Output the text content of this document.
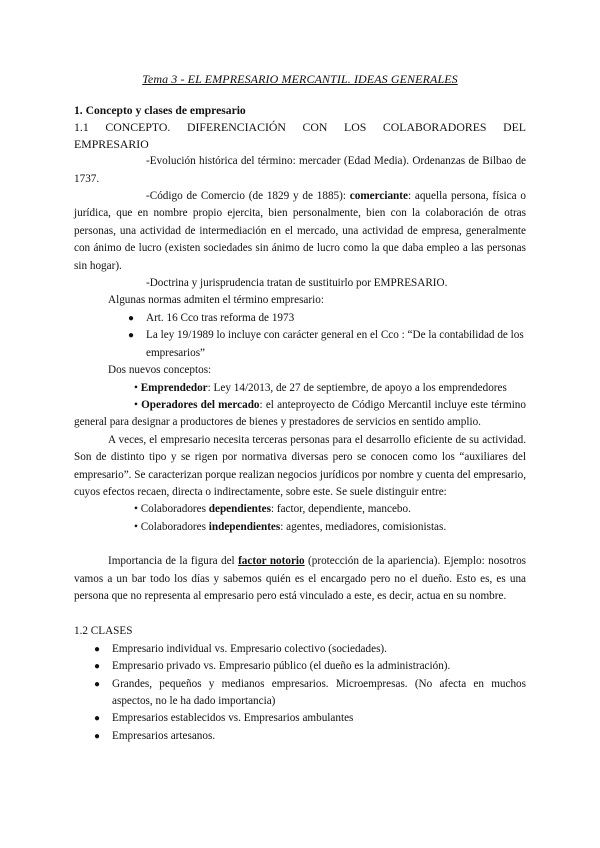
Tema 3 - EL EMPRESARIO MERCANTIL. IDEAS GENERALES

1. Concepto y clases de empresario

1.1 CONCEPTO. DIFERENCIACIÓN CON LOS COLABORADORES DEL

EMPRESARIO

-Evolución histórica del término: mercader (Edad Media). Ordenanzas de Bilbao de 1737.

-Código de Comercio (de 1829 y de 1885): comerciante: aquella persona, física o jurídica, que en nombre propio ejercita, bien personalmente, bien con la colaboración de otras personas, una actividad de intermediación en el mercado, una actividad de empresa, generalmente con ánimo de lucro (existen sociedades sin ánimo de lucro como la que daba empleo a las personas sin hogar).

-Doctrina y jurisprudencia tratan de sustituirlo por EMPRESARIO.

Algunas normas admiten el término empresario:

● Art. 16 Cco tras reforma de 1973
● La ley 19/1989 lo incluye con carácter general en el Cco : “De la contabilidad de los empresarios”

Dos nuevos conceptos:

• Emprendedor: Ley 14/2013, de 27 de septiembre, de apoyo a los emprendedores

• Operadores del mercado: el anteproyecto de Código Mercantil incluye este término general para designar a productores de bienes y prestadores de servicios en sentido amplio.

A veces, el empresario necesita terceras personas para el desarrollo eficiente de su actividad. Son de distinto tipo y se rigen por normativa diversas pero se conocen como los “auxiliares del empresario”. Se caracterizan porque realizan negocios jurídicos por nombre y cuenta del empresario, cuyos efectos recaen, directa o indirectamente, sobre este. Se suele distinguir entre:

• Colaboradores dependientes: factor, dependiente, mancebo.

• Colaboradores independientes: agentes, mediadores, comisionistas.

Importancia de la figura del factor notorio (protección de la apariencia). Ejemplo: nosotros vamos a un bar todo los días y sabemos quién es el encargado pero no el dueño. Esto es, es una persona que no representa al empresario pero está vinculado a este, es decir, actua en su nombre.

1.2 CLASES

● Empresario individual vs. Empresario colectivo (sociedades).
● Empresario privado vs. Empresario público (el dueño es la administración).
● Grandes, pequeños y medianos empresarios. Microempresas. (No afecta en muchos aspectos, no le ha dado importancia)
● Empresarios establecidos vs. Empresarios ambulantes
● Empresarios artesanos.
